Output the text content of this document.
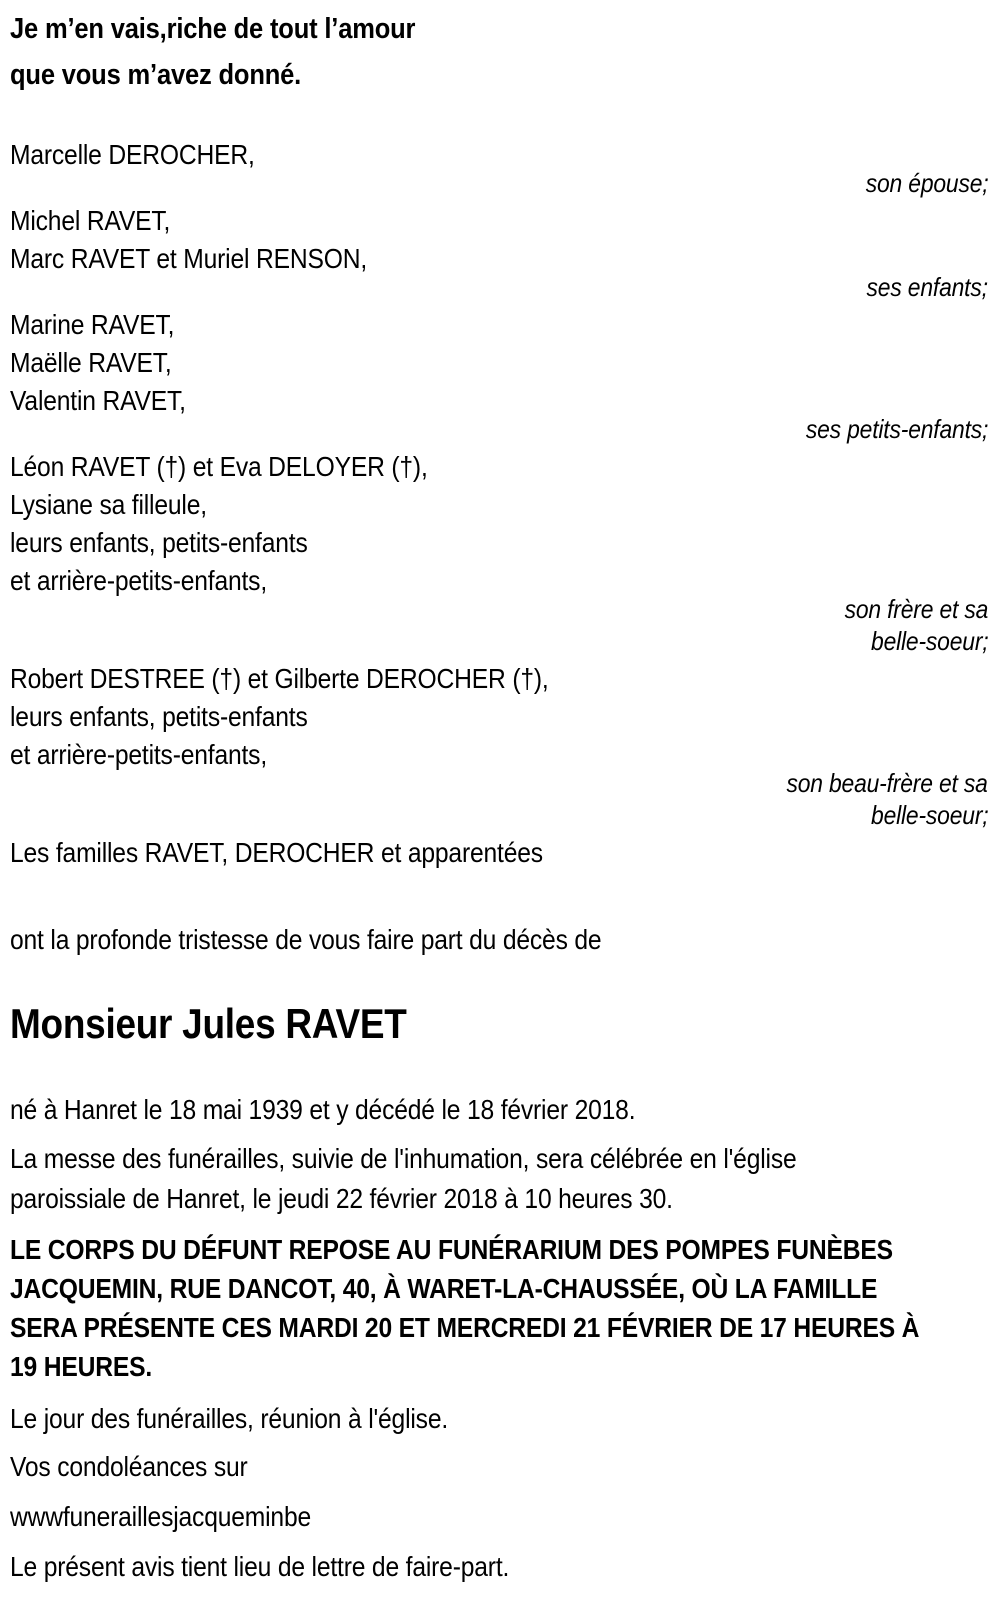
Je m’en vais,riche de tout l’amour
que vous m’avez donné.
Marcelle DEROCHER,
son épouse;
Michel RAVET,
Marc RAVET et Muriel RENSON,
ses enfants;
Marine RAVET,
Maëlle RAVET,
Valentin RAVET,
ses petits-enfants;
Léon RAVET (†) et Eva DELOYER (†),
Lysiane sa filleule,
leurs enfants, petits-enfants
et arrière-petits-enfants,
son frère et sa
belle-soeur;
Robert DESTREE (†) et Gilberte DEROCHER (†),
leurs enfants, petits-enfants
et arrière-petits-enfants,
son beau-frère et sa
belle-soeur;
Les familles RAVET, DEROCHER et apparentées
ont la profonde tristesse de vous faire part du décès de
Monsieur Jules RAVET
né à Hanret le 18 mai 1939 et y décédé le 18 février 2018.
La messe des funérailles, suivie de l'inhumation, sera célébrée en l'église
paroissiale de Hanret, le jeudi 22 février 2018 à 10 heures 30.
LE CORPS DU DÉFUNT REPOSE AU FUNÉRARIUM DES POMPES FUNÈBES
JACQUEMIN, RUE DANCOT, 40, À WARET-LA-CHAUSSÉE, OÙ LA FAMILLE
SERA PRÉSENTE CES MARDI 20 ET MERCREDI 21 FÉVRIER DE 17 HEURES À
19 HEURES.
Le jour des funérailles, réunion à l'église.
Vos condoléances sur
wwwfuneraillesjacqueminbe
Le présent avis tient lieu de lettre de faire-part.
